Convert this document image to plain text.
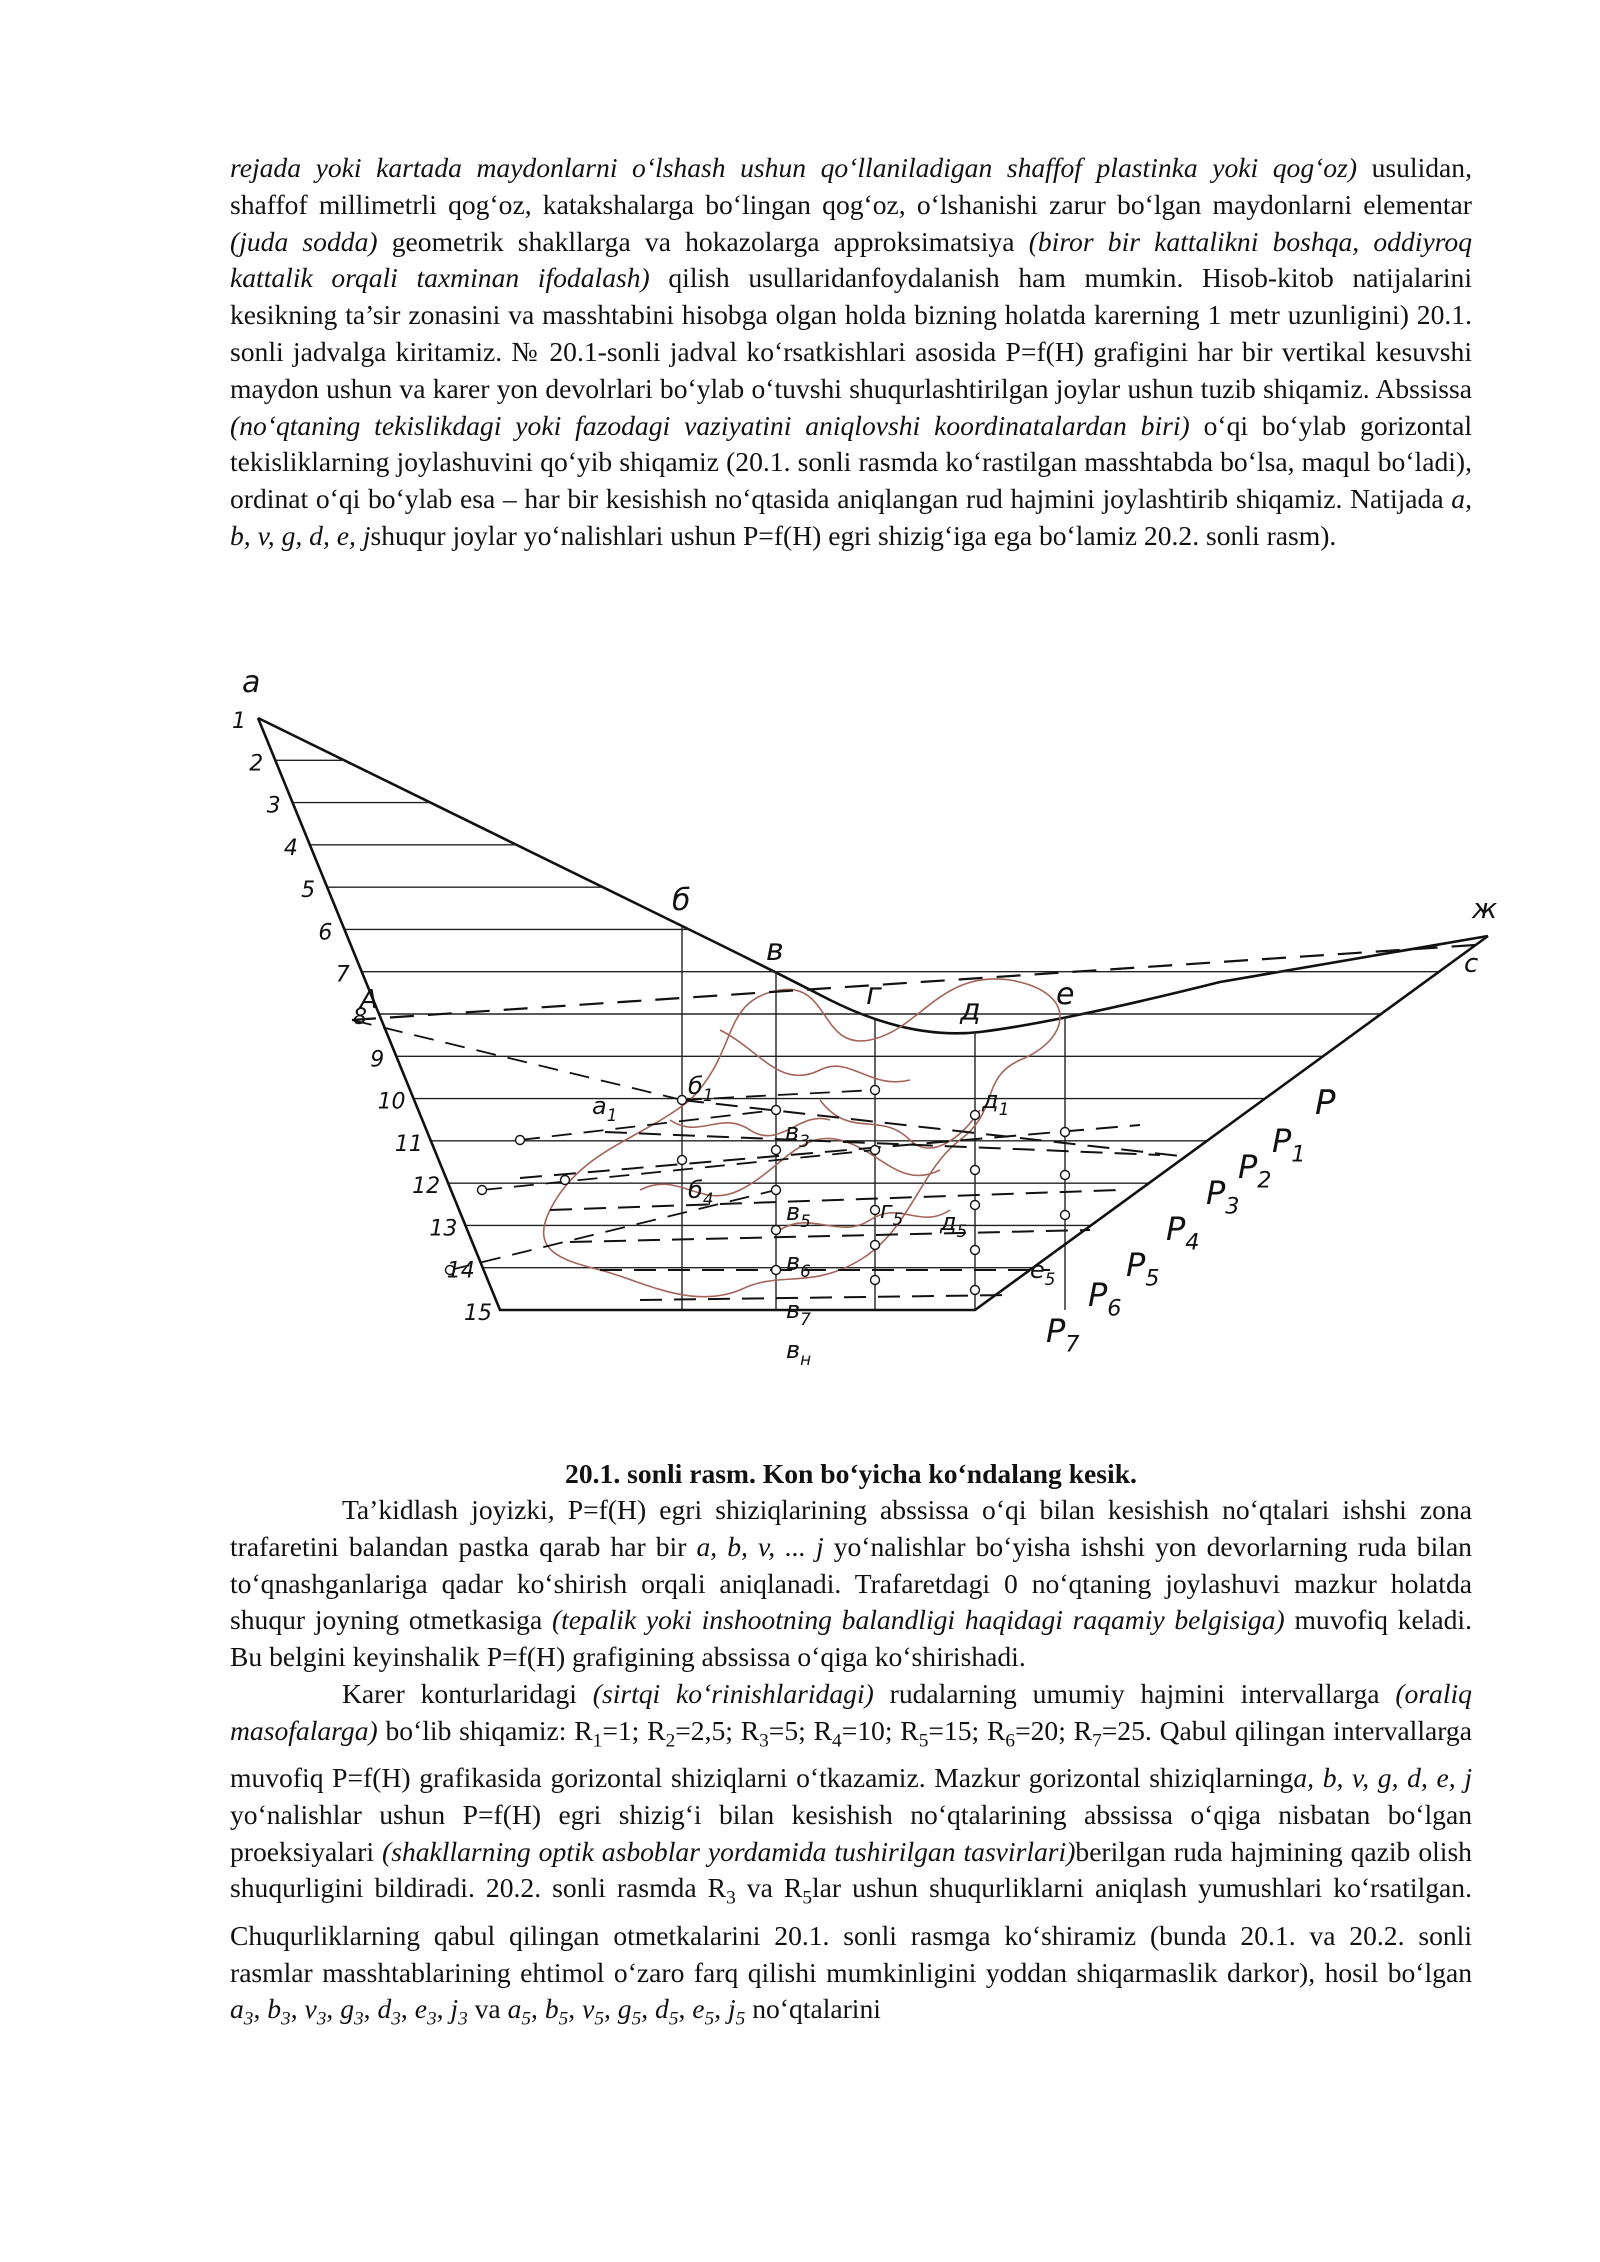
rejada yoki kartada maydonlarni o‘lshash ushun qo‘llaniladigan shaffof plastinka yoki qog‘oz) usulidan, shaffof millimetrli qog‘oz, katakshalarga bo‘lingan qog‘oz, o‘lshanishi zarur bo‘lgan maydonlarni elementar (juda sodda) geometrik shakllarga va hokazolarga approksimatsiya (biror bir kattalikni boshqa, oddiyroq kattalik orqali taxminan ifodalash) qilish usullaridanfoydalanish ham mumkin. Hisob-kitob natijalarini kesikning ta’sir zonasini va masshtabini hisobga olgan holda bizning holatda karerning 1 metr uzunligini) 20.1. sonli jadvalga kiritamiz. № 20.1-sonli jadval ko‘rsatkishlari asosida P=f(H) grafigini har bir vertikal kesuvshi maydon ushun va karer yon devolrlari bo‘ylab o‘tuvshi shuqurlashtirilgan joylar ushun tuzib shiqamiz. Abssissa (no‘qtaning tekislikdagi yoki fazodagi vaziyatini aniqlovshi koordinatalardan biri) o‘qi bo‘ylab gorizontal tekisliklarning joylashuvini qo‘yib shiqamiz (20.1. sonli rasmda ko‘rastilgan masshtabda bo‘lsa, maqul bo‘ladi), ordinat o‘qi bo‘ylab esa – har bir kesishish no‘qtasida aniqlangan rud hajmini joylashtirib shiqamiz. Natijada a, b, v, g, d, e, jshuqur joylar yo‘nalishlari ushun P=f(H) egri shizig‘iga ega bo‘lamiz 20.2. sonli rasm).

a
б
в
г	д	е
ж
c
A
1
2
3
4
5
6
7
8
9
10
11
12
13
14
15
P
$P_1$
$P_2$
$P_3$
$P_4$
$P_5$
$P_6$
$P_7$
$a_1$
$б_1$	$д_1$
$в_3$
$б_4$	$в_5$	$г_5$ $д_5$
$в_6$	$е_5$
$в_7$
$в_н$
20.1. sonli rasm. Kon bo‘yicha ko‘ndalang kesik.

Ta’kidlash joyizki, P=f(H) egri shiziqlarining abssissa o‘qi bilan kesishish no‘qtalari ishshi zona trafaretini balandan pastka qarab har bir a, b, v, ... j yo‘nalishlar bo‘yisha ishshi yon devorlarning ruda bilan to‘qnashganlariga qadar ko‘shirish orqali aniqlanadi. Trafaretdagi 0 no‘qtaning joylashuvi mazkur holatda shuqur joyning otmetkasiga (tepalik yoki inshootning balandligi haqidagi raqamiy belgisiga) muvofiq keladi. Bu belgini keyinshalik P=f(H) grafigining abssissa o‘qiga ko‘shirishadi.

Karer konturlaridagi (sirtqi ko‘rinishlaridagi) rudalarning umumiy hajmini intervallarga (oraliq masofalarga) bo‘lib shiqamiz: $R_1=1$; $R_2=2,5$; $R_3=5$; $R_4=10$; $R_5=15$; $R_6=20$; $R_7=25$. Qabul qilingan intervallarga muvofiq P=f(H) grafikasida gorizontal shiziqlarni o‘tkazamiz. Mazkur gorizontal shiziqlarninga, b, v, g, d, e, j yo‘nalishlar ushun P=f(H) egri shizig‘i bilan kesishish no‘qtalarining abssissa o‘qiga nisbatan bo‘lgan proeksiyalari (shakllarning optik asboblar yordamida tushirilgan tasvirlari)berilgan ruda hajmining qazib olish shuqurligini bildiradi. 20.2. sonli rasmda $R_3$ va $R_5lar$ ushun shuqurliklarni aniqlash yumushlari ko‘rsatilgan. Chuqurliklarning qabul qilingan otmetkalarini 20.1. sonli rasmga ko‘shiramiz (bunda 20.1. va 20.2. sonli rasmlar masshtablarining ehtimol o‘zaro farq qilishi mumkinligini yoddan shiqarmaslik darkor), hosil bo‘lgan $a_3$, $b_3$, $v_3$, $g_3$, $d_3$, $e_3$, $j_3$ va $a_5$, $b_5$, $v_5$, $g_5$, $d_5$, $e_5$, $j_5$ no‘qtalarini
